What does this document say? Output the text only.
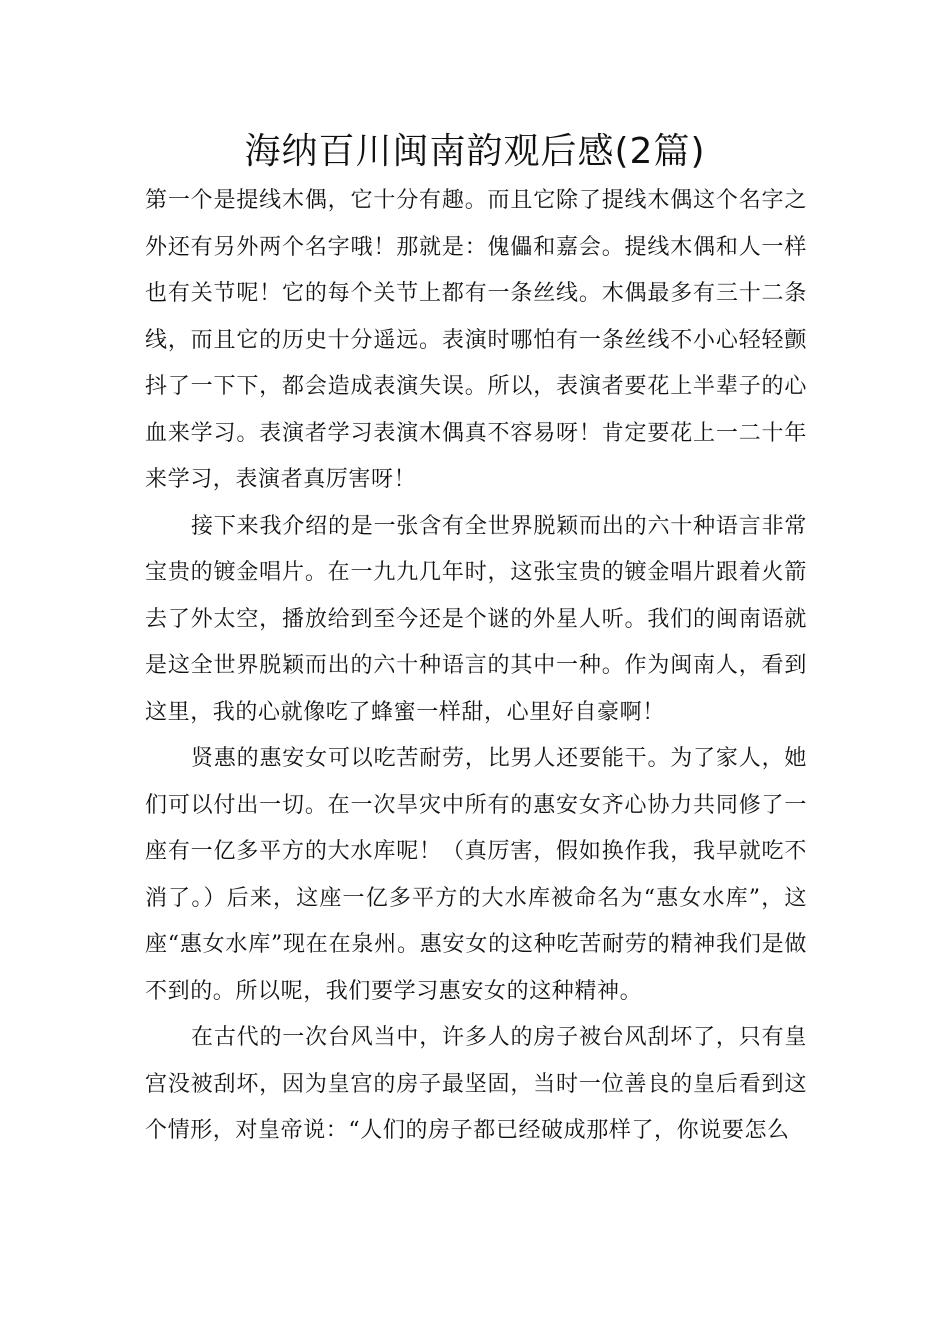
海纳百川闽南韵观后感(2篇)

第一个是提线木偶，它十分有趣。而且它除了提线木偶这个名字之外还有另外两个名字哦！那就是：傀儡和嘉会。提线木偶和人一样也有关节呢！它的每个关节上都有一条丝线。木偶最多有三十二条线，而且它的历史十分遥远。表演时哪怕有一条丝线不小心轻轻颤抖了一下下，都会造成表演失误。所以，表演者要花上半辈子的心血来学习。表演者学习表演木偶真不容易呀！肯定要花上一二十年来学习，表演者真厉害呀！

接下来我介绍的是一张含有全世界脱颖而出的六十种语言非常宝贵的镀金唱片。在一九九几年时，这张宝贵的镀金唱片跟着火箭去了外太空，播放给到至今还是个谜的外星人听。我们的闽南语就是这全世界脱颖而出的六十种语言的其中一种。作为闽南人，看到这里，我的心就像吃了蜂蜜一样甜，心里好自豪啊！

贤惠的惠安女可以吃苦耐劳，比男人还要能干。为了家人，她们可以付出一切。在一次旱灾中所有的惠安女齐心协力共同修了一座有一亿多平方的大水库呢！（真厉害，假如换作我，我早就吃不消了。）后来，这座一亿多平方的大水库被命名为“惠女水库”，这座“惠女水库”现在在泉州。惠安女的这种吃苦耐劳的精神我们是做不到的。所以呢，我们要学习惠安女的这种精神。

在古代的一次台风当中，许多人的房子被台风刮坏了，只有皇宫没被刮坏，因为皇宫的房子最坚固，当时一位善良的皇后看到这个情形，对皇帝说：“人们的房子都已经破成那样了，你说要怎么
